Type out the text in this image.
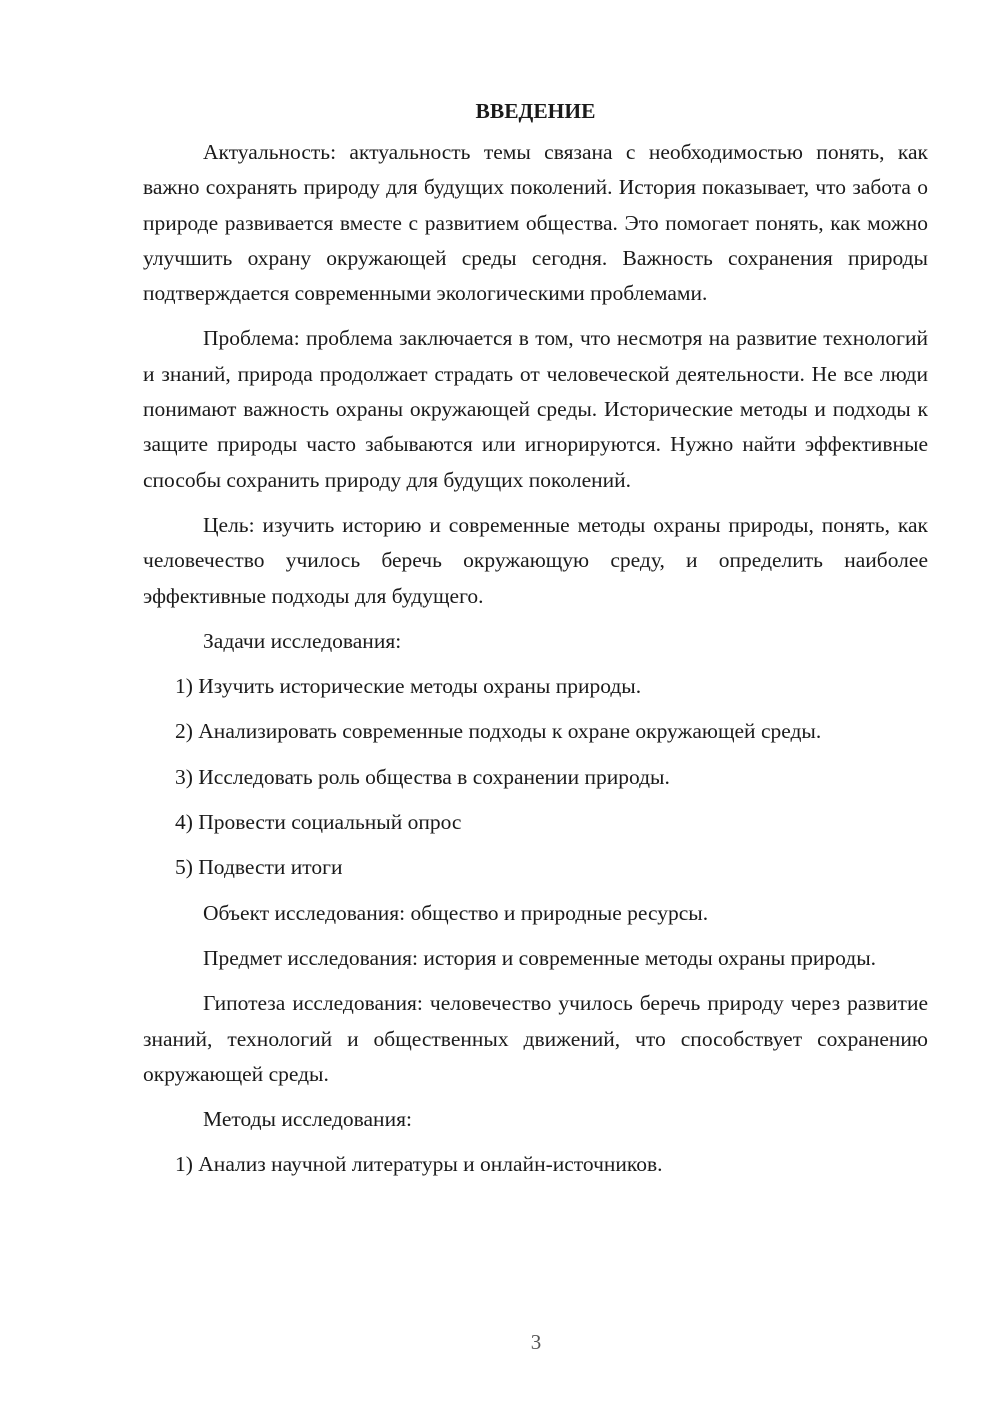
ВВЕДЕНИЕ

Актуальность: актуальность темы связана с необходимостью понять, как важно сохранять природу для будущих поколений. История показывает, что забота о природе развивается вместе с развитием общества. Это помогает понять, как можно улучшить охрану окружающей среды сегодня. Важность сохранения природы подтверждается современными экологическими проблемами.

Проблема: проблема заключается в том, что несмотря на развитие технологий и знаний, природа продолжает страдать от человеческой деятельности. Не все люди понимают важность охраны окружающей среды. Исторические методы и подходы к защите природы часто забываются или игнорируются. Нужно найти эффективные способы сохранить природу для будущих поколений.

Цель: изучить историю и современные методы охраны природы, понять, как человечество училось беречь окружающую среду, и определить наиболее эффективные подходы для будущего.

Задачи исследования:

1) Изучить исторические методы охраны природы.

2) Анализировать современные подходы к охране окружающей среды.

3) Исследовать роль общества в сохранении природы.

4) Провести социальный опрос

5) Подвести итоги

Объект исследования: общество и природные ресурсы.

Предмет исследования: история и современные методы охраны природы.

Гипотеза исследования: человечество училось беречь природу через развитие знаний, технологий и общественных движений, что способствует сохранению окружающей среды.

Методы исследования:

1) Анализ научной литературы и онлайн-источников.

3
